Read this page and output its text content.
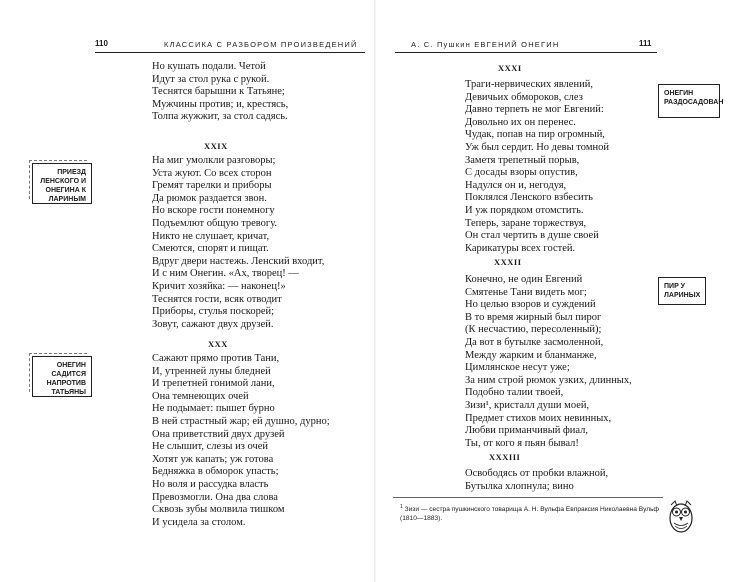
110	КЛАССИКА С РАЗБОРОМ ПРОИЗВЕДЕНИЙ
Но кушать подали. Четой
Идут за стол рука с рукой.
Теснятся барышни к Татьяне;
Мужчины против; и, крестясь,
Толпа жужжит, за стол садясь.
XXIX
На миг умолкли разговоры;
Уста жуют. Со всех сторон
Гремят тарелки и приборы
Да рюмок раздается звон.
Но вскоре гости понемногу
Подъемлют общую тревогу.
Никто не слушает, кричат,
Смеются, спорят и пищат.
Вдруг двери настежь. Ленский входит,
И с ним Онегин. «Ах, творец! —
Кричит хозяйка: — наконец!»
Теснятся гости, всяк отводит
Приборы, стулья поскорей;
Зовут, сажают двух друзей.
XXX
Сажают прямо против Тани,
И, утренней луны бледней
И трепетней гонимой лани,
Она темнеющих очей
Не подымает: пышет бурно
В ней страстный жар; ей душно, дурно;
Она приветствий двух друзей
Не слышит, слезы из очей
Хотят уж капать; уж готова
Бедняжка в обморок упасть;
Но воля и рассудка власть
Превозмогли. Она два слова
Сквозь зубы молвила тишком
И усидела за столом.
ПРИЕЗД ЛЕНСКОГО И ОНЕГИНА К ЛАРИНЫМ
ОНЕГИН САДИТСЯ НАПРОТИВ ТАТЬЯНЫ
А. С. Пушкин ЕВГЕНИЙ ОНЕГИН	111
XXXI
Траги-нервических явлений,
Девичьих обмороков, слез
Давно терпеть не мог Евгений:
Довольно их он перенес.
Чудак, попав на пир огромный,
Уж был сердит. Но девы томной
Заметя трепетный порыв,
С досады взоры опустив,
Надулся он и, негодуя,
Поклялся Ленского взбесить
И уж порядком отомстить.
Теперь, заране торжествуя,
Он стал чертить в душе своей
Карикатуры всех гостей.
XXXII
Конечно, не один Евгений
Смятенье Тани видеть мог;
Но целью взоров и суждений
В то время жирный был пирог
(К несчастию, пересоленный);
Да вот в бутылке засмоленной,
Между жарким и бланманже,
Цимлянское несут уже;
За ним строй рюмок узких, длинных,
Подобно талии твоей,
Зизи¹, кристалл души моей,
Предмет стихов моих невинных,
Любви приманчивый фиал,
Ты, от кого я пьян бывал!
XXXIII
Освободясь от пробки влажной,
Бутылка хлопнула; вино
ОНЕГИН РАЗДОСАДОВАН
ПИР У ЛАРИНЫХ
$^1$ Зизи — сестра пушкинского товарища А. Н. Вульфа Евпраксия Николаевна Вульф (1810—1883).
